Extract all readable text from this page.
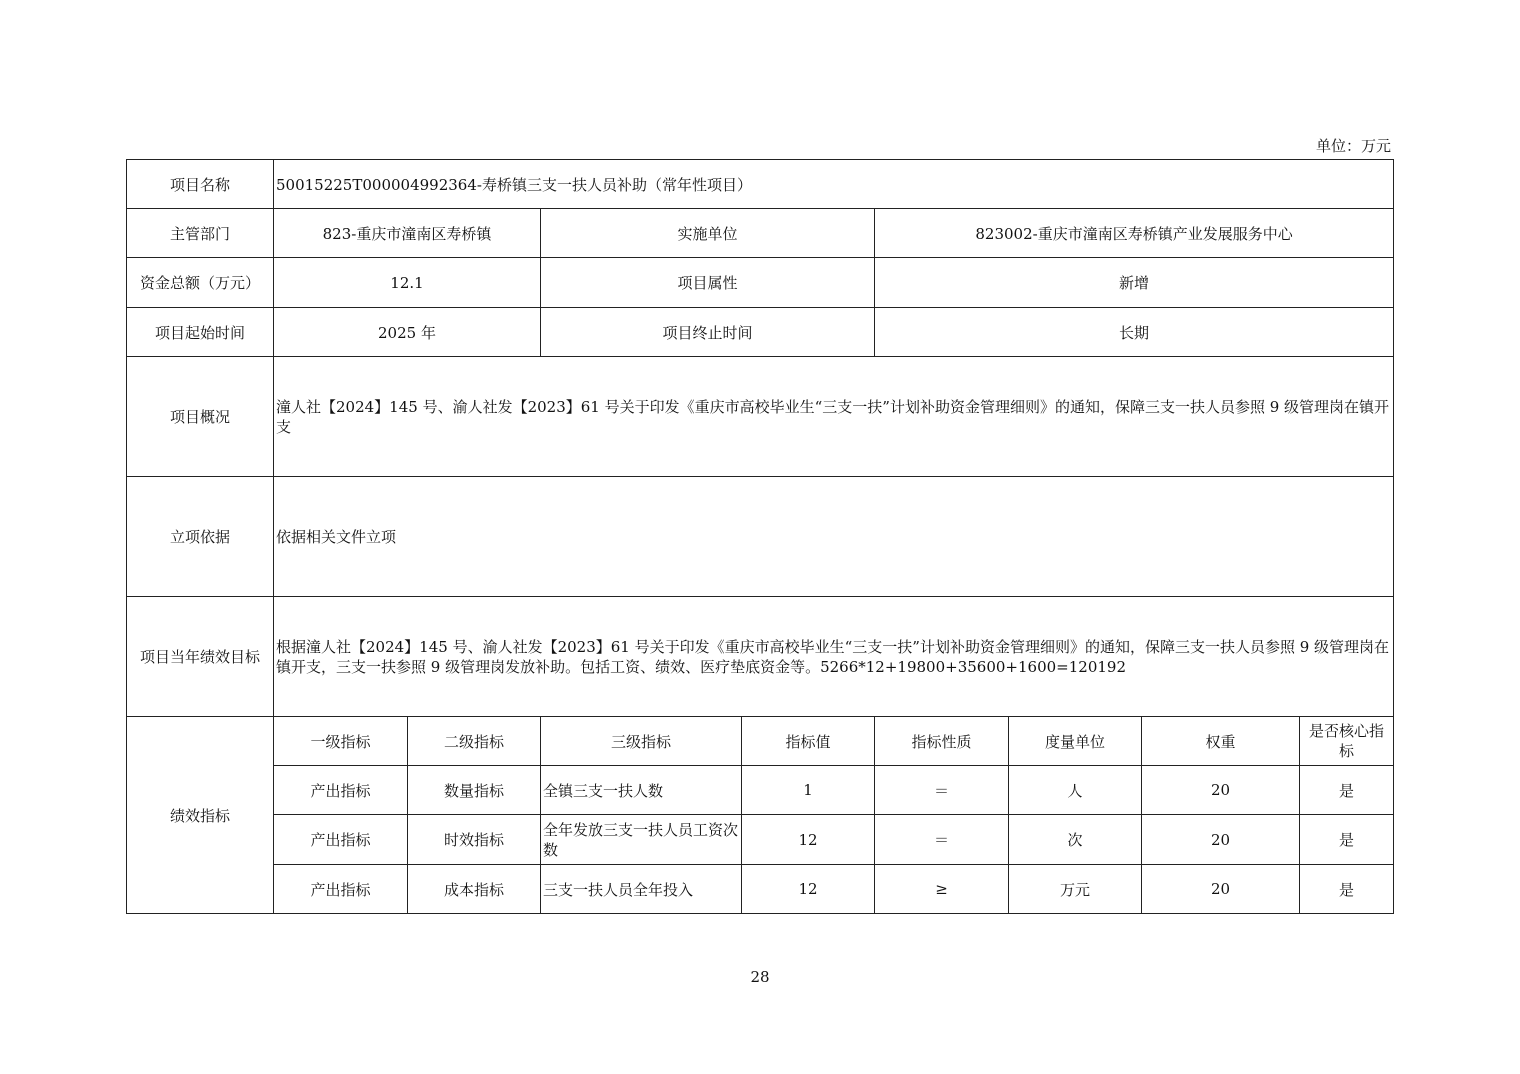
单位：万元
项目名称	50015225T000004992364-寿桥镇三支一扶人员补助（常年性项目）							
主管部门	823-重庆市潼南区寿桥镇		实施单位		823002-重庆市潼南区寿桥镇产业发展服务中心			
资金总额（万元）	12.1		项目属性		新增			
项目起始时间	2025 年		项目终止时间		长期			
项目概况	潼人社【2024】145 号、渝人社发【2023】61 号关于印发《重庆市高校毕业生“三支一扶”计划补助资金管理细则》的通知，保障三支一扶人员参照 9 级管理岗在镇开支							
立项依据	依据相关文件立项							
项目当年绩效目标	根据潼人社【2024】145 号、渝人社发【2023】61 号关于印发《重庆市高校毕业生“三支一扶”计划补助资金管理细则》的通知，保障三支一扶人员参照 9 级管理岗在镇开支，三支一扶参照 9 级管理岗发放补助。包括工资、绩效、医疗垫底资金等。5266*12+19800+35600+1600=120192							
绩效指标	一级指标	二级指标	三级指标	指标值	指标性质	度量单位	权重	是否核心指标
	产出指标	数量指标	全镇三支一扶人数	1	＝	人	20	是
	产出指标	时效指标	全年发放三支一扶人员工资次数	12	＝	次	20	是
	产出指标	成本指标	三支一扶人员全年投入	12	≥	万元	20	是
28
